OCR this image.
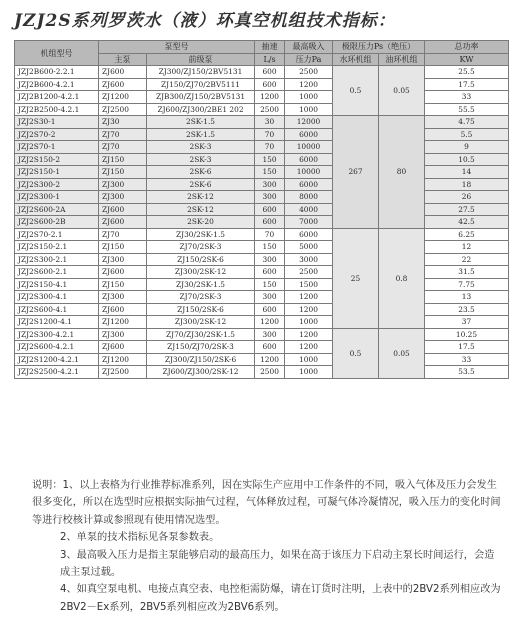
JZJ2S系列罗茨水（液）环真空机组技术指标：
机组型号	泵型号		抽速	最高吸入	极限压力Ps（绝压）		总功率
	主泵	前级泵	L/s	压力Pa	水环机组	油环机组	KW
JZJ2B600-2.2.1	ZJ600	ZJ300/ZJ150/2BV5131	600	2500	0.5	0.05	25.5
JZJ2B600-4.2.1	ZJ600	ZJ150/ZJ70/2BV5111	600	1200			17.5
JZJ2B1200-4.2.1	ZJ1200	ZJB300/ZJ150/2BV5131	1200	1000			33
JZJ2B2500-4.2.1	ZJ2500	ZJ600/ZJ300/2BE1 202	2500	1000			55.5
JZJ2S30-1	ZJ30	2SK-1.5	30	12000	267	80	4.75
JZJ2S70-2	ZJ70	2SK-1.5	70	6000			5.5
JZJ2S70-1	ZJ70	2SK-3	70	10000			9
JZJ2S150-2	ZJ150	2SK-3	150	6000			10.5
JZJ2S150-1	ZJ150	2SK-6	150	10000			14
JZJ2S300-2	ZJ300	2SK-6	300	6000			18
JZJ2S300-1	ZJ300	2SK-12	300	8000			26
JZJ2S600-2A	ZJ600	2SK-12	600	4000			27.5
JZJ2S600-2B	ZJ600	2SK-20	600	7000			42.5
JZJ2S70-2.1	ZJ70	ZJ30/2SK-1.5	70	6000	25	0.8	6.25
JZJ2S150-2.1	ZJ150	ZJ70/2SK-3	150	5000			12
JZJ2S300-2.1	ZJ300	ZJ150/2SK-6	300	3000			22
JZJ2S600-2.1	ZJ600	ZJ300/2SK-12	600	2500			31.5
JZJ2S150-4.1	ZJ150	ZJ30/2SK-1.5	150	1500			7.75
JZJ2S300-4.1	ZJ300	ZJ70/2SK-3	300	1200			13
JZJ2S600-4.1	ZJ600	ZJ150/2SK-6	600	1200			23.5
JZJ2S1200-4.1	ZJ1200	ZJ300/2SK-12	1200	1000			37
JZJ2S300-4.2.1	ZJ300	ZJ70/ZJ30/2SK-1.5	300	1200	0.5	0.05	10.25
JZJ2S600-4.2.1	ZJ600	ZJ150/ZJ70/2SK-3	600	1200			17.5
JZJ2S1200-4.2.1	ZJ1200	ZJ300/ZJ150/2SK-6	1200	1000			33
JZJ2S2500-4.2.1	ZJ2500	ZJ600/ZJ300/2SK-12	2500	1000			53.5

说明：1、以上表格为行业推荐标准系列，因在实际生产应用中工作条件的不同，吸入气体及压力会发生很多变化，所以在选型时应根据实际抽气过程，气体释放过程，可凝气体冷凝情况，吸入压力的变化时间等进行校核计算或参照现有使用情况选型。

2、单泵的技术指标见各泵参数表。

3、最高吸入压力是指主泵能够启动的最高压力，如果在高于该压力下启动主泵长时间运行，会造成主泵过载。

4、如真空泵电机、电接点真空表、电控柜需防爆，请在订货时注明，上表中的2BV2系列相应改为2BV2－Ex系列，2BV5系列相应改为2BV6系列。
